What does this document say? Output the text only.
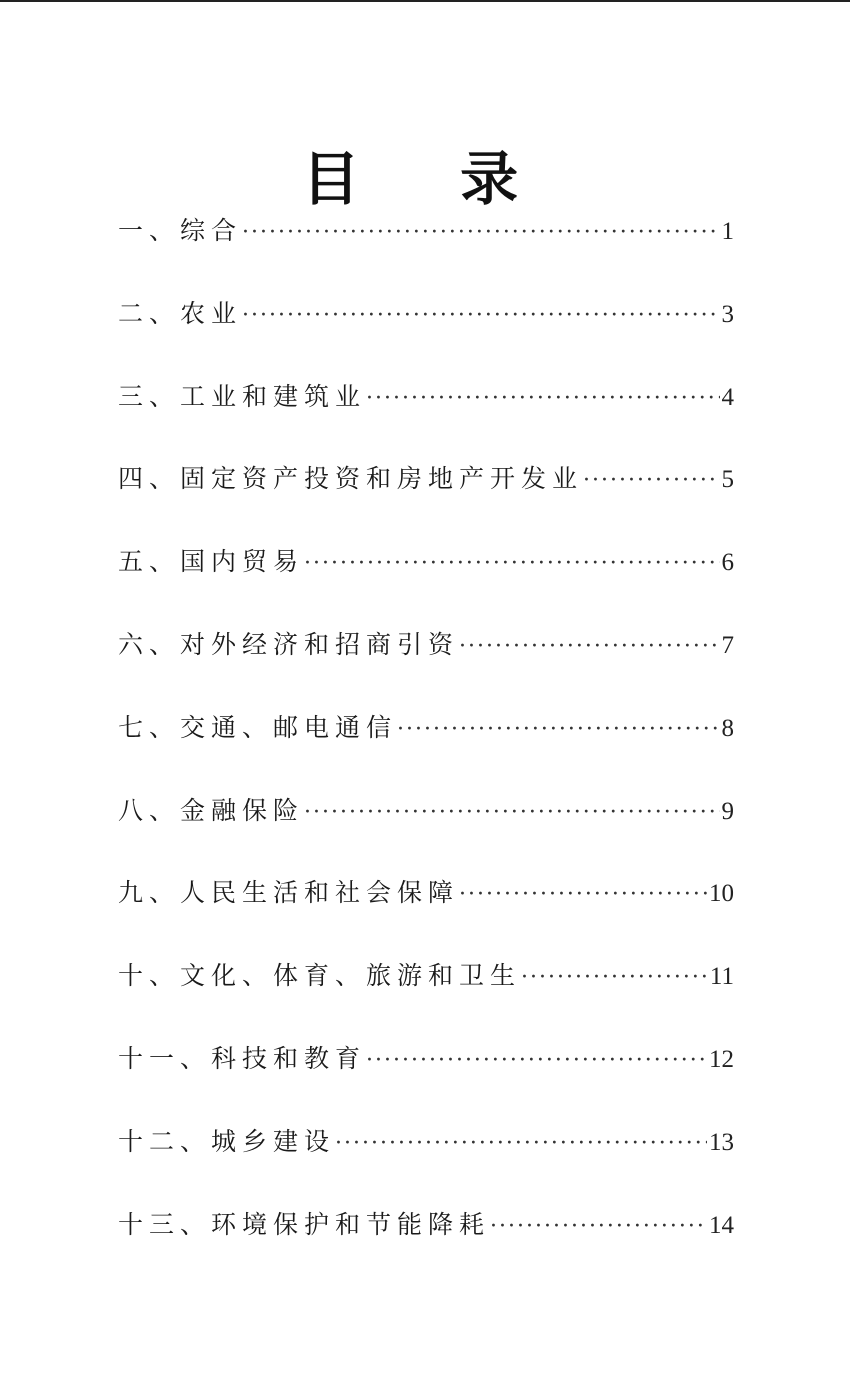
目 录
一、综合 ·····	1
二、农业 ·····	3
三、工业和建筑业 ·····	4
四、固定资产投资和房地产开发业 ·····	5
五、国内贸易 ·····	6
六、对外经济和招商引资 ·····	7
七、交通、邮电通信 ·····	8
八、金融保险 ·····	9
九、人民生活和社会保障 ·····	10
十、文化、体育、旅游和卫生 ·····	11
十一、科技和教育 ·····	12
十二、城乡建设 ·····	13
十三、环境保护和节能降耗 ·····	14
